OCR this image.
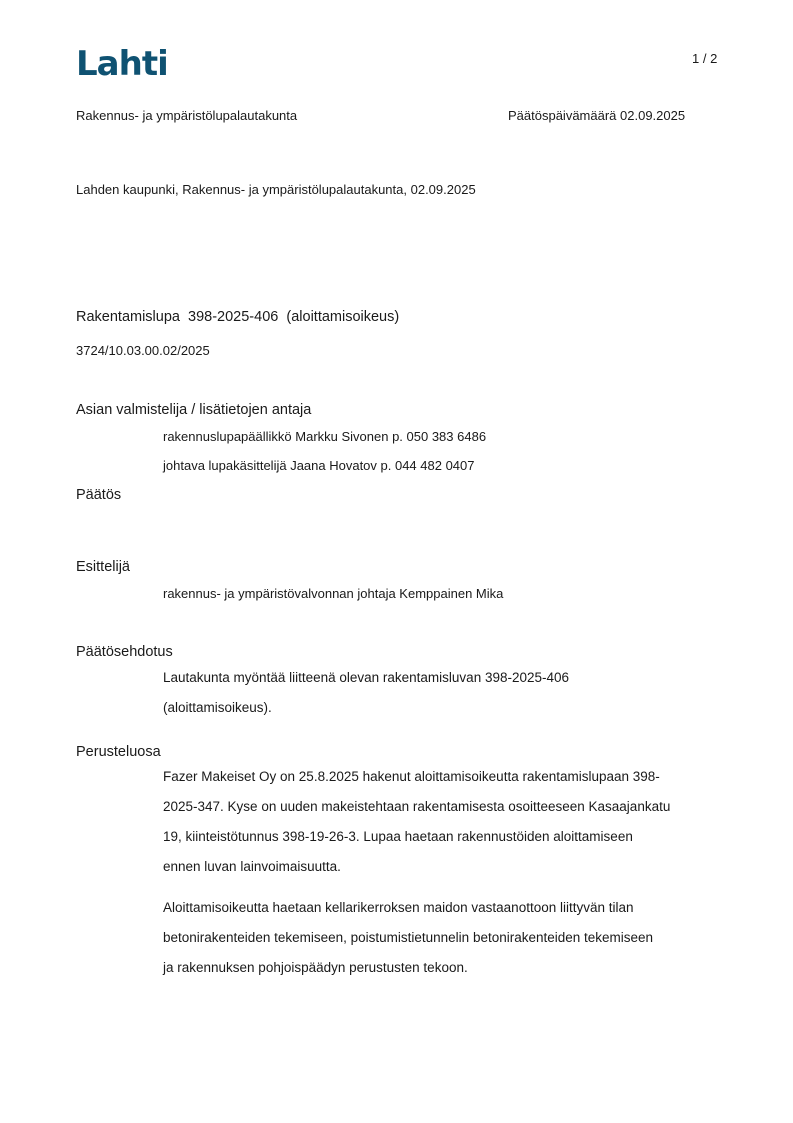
Lahti	1 / 2
Rakennus- ja ympäristölupalautakunta	Päätöspäivämäärä 02.09.2025
Lahden kaupunki, Rakennus- ja ympäristölupalautakunta, 02.09.2025
Rakentamislupa  398-2025-406  (aloittamisoikeus)
3724/10.03.00.02/2025
Asian valmistelija / lisätietojen antaja
rakennuslupapäällikkö Markku Sivonen p. 050 383 6486
johtava lupakäsittelijä Jaana Hovatov p. 044 482 0407
Päätös
Esittelijä
rakennus- ja ympäristövalvonnan johtaja Kemppainen Mika
Päätösehdotus
Lautakunta myöntää liitteenä olevan rakentamisluvan 398-2025-406
(aloittamisoikeus).
Perusteluosa
Fazer Makeiset Oy on 25.8.2025 hakenut aloittamisoikeutta rakentamislupaan 398-
2025-347. Kyse on uuden makeistehtaan rakentamisesta osoitteeseen Kasaajankatu
19, kiinteistötunnus 398-19-26-3. Lupaa haetaan rakennustöiden aloittamiseen
ennen luvan lainvoimaisuutta.
Aloittamisoikeutta haetaan kellarikerroksen maidon vastaanottoon liittyvän tilan
betonirakenteiden tekemiseen, poistumistietunnelin betonirakenteiden tekemiseen
ja rakennuksen pohjoispäädyn perustusten tekoon.
